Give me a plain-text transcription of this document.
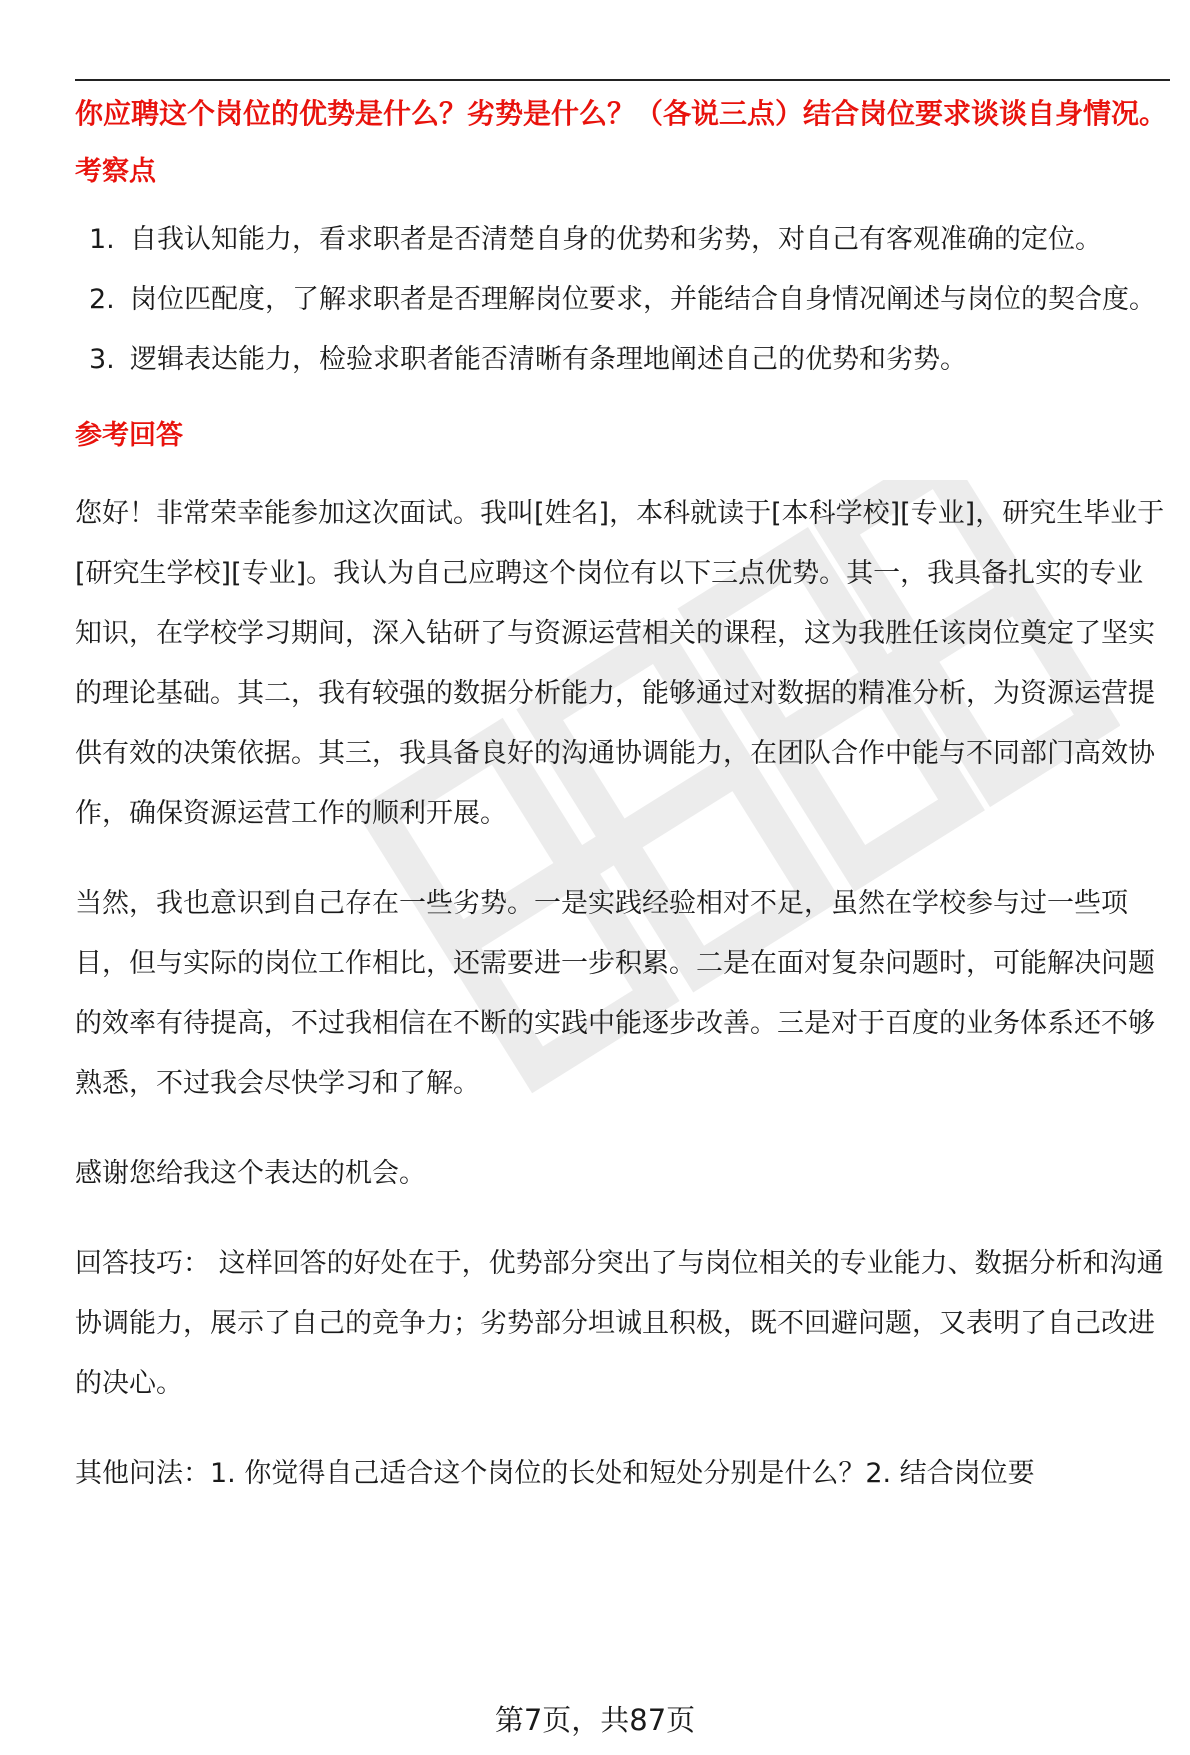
你应聘这个岗位的优势是什么？劣势是什么？（各说三点）结合岗位要求谈谈自身情况。
考察点
1. 自我认知能力，看求职者是否清楚自身的优势和劣势，对自己有客观准确的定位。
2. 岗位匹配度，了解求职者是否理解岗位要求，并能结合自身情况阐述与岗位的契合度。
3. 逻辑表达能力，检验求职者能否清晰有条理地阐述自己的优势和劣势。
参考回答

您好！非常荣幸能参加这次面试。我叫[姓名]，本科就读于[本科学校][专业]，研究生毕业于[研究生学校][专业]。我认为自己应聘这个岗位有以下三点优势。其一，我具备扎实的专业知识，在学校学习期间，深入钻研了与资源运营相关的课程，这为我胜任该岗位奠定了坚实的理论基础。其二，我有较强的数据分析能力，能够通过对数据的精准分析，为资源运营提供有效的决策依据。其三，我具备良好的沟通协调能力，在团队合作中能与不同部门高效协作，确保资源运营工作的顺利开展。

当然，我也意识到自己存在一些劣势。一是实践经验相对不足，虽然在学校参与过一些项目，但与实际的岗位工作相比，还需要进一步积累。二是在面对复杂问题时，可能解决问题的效率有待提高，不过我相信在不断的实践中能逐步改善。三是对于百度的业务体系还不够熟悉，不过我会尽快学习和了解。

感谢您给我这个表达的机会。

回答技巧： 这样回答的好处在于，优势部分突出了与岗位相关的专业能力、数据分析和沟通协调能力，展示了自己的竞争力；劣势部分坦诚且积极，既不回避问题，又表明了自己改进的决心。

其他问法：1. 你觉得自己适合这个岗位的长处和短处分别是什么？2. 结合岗位要

第7页，共87页
